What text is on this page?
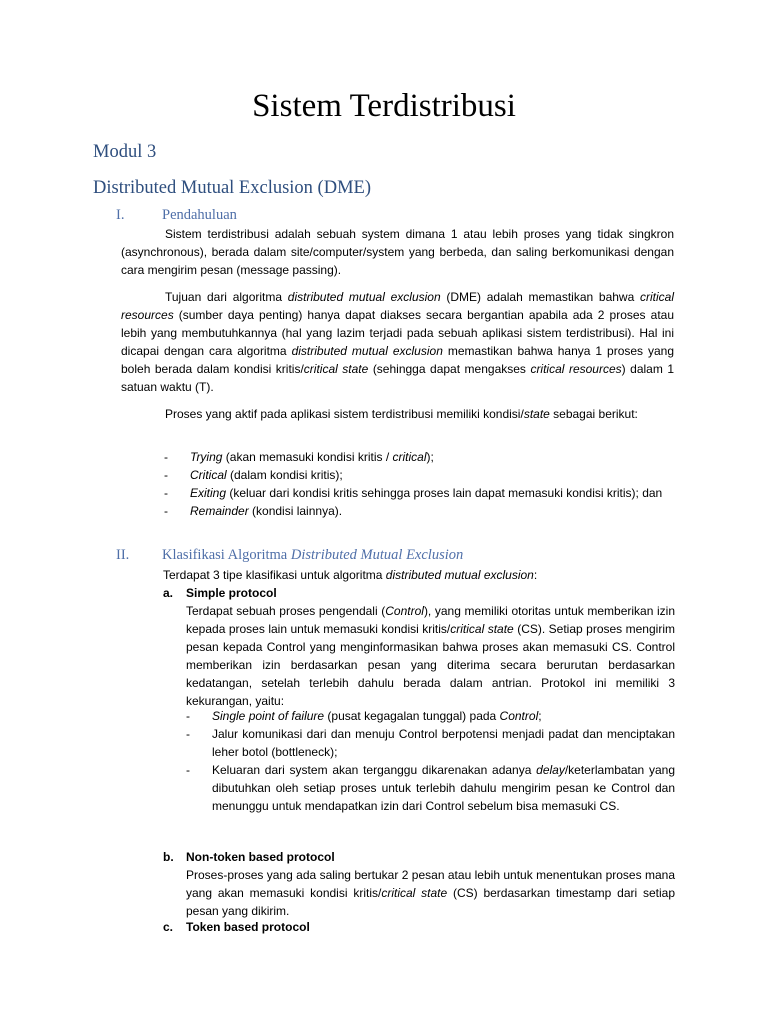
Sistem Terdistribusi
Modul 3
Distributed Mutual Exclusion (DME)
I.	Pendahuluan

Sistem terdistribusi adalah sebuah system dimana 1 atau lebih proses yang tidak singkron (asynchronous), berada dalam site/computer/system yang berbeda, dan saling berkomunikasi dengan cara mengirim pesan (message passing).

Tujuan dari algoritma distributed mutual exclusion (DME) adalah memastikan bahwa critical resources (sumber daya penting) hanya dapat diakses secara bergantian apabila ada 2 proses atau lebih yang membutuhkannya (hal yang lazim terjadi pada sebuah aplikasi sistem terdistribusi). Hal ini dicapai dengan cara algoritma distributed mutual exclusion memastikan bahwa hanya 1 proses yang boleh berada dalam kondisi kritis/critical state (sehingga dapat mengakses critical resources) dalam 1 satuan waktu (T).

Proses yang aktif pada aplikasi sistem terdistribusi memiliki kondisi/state sebagai berikut:

- Trying (akan memasuki kondisi kritis / critical);
- Critical (dalam kondisi kritis);
- Exiting (keluar dari kondisi kritis sehingga proses lain dapat memasuki kondisi kritis); dan
- Remainder (kondisi lainnya).
II. Klasifikasi Algoritma Distributed Mutual Exclusion

Terdapat 3 tipe klasifikasi untuk algoritma distributed mutual exclusion:

a. Simple protocol

Terdapat sebuah proses pengendali (Control), yang memiliki otoritas untuk memberikan izin kepada proses lain untuk memasuki kondisi kritis/critical state (CS). Setiap proses mengirim pesan kepada Control yang menginformasikan bahwa proses akan memasuki CS. Control memberikan izin berdasarkan pesan yang diterima secara berurutan berdasarkan kedatangan, setelah terlebih dahulu berada dalam antrian. Protokol ini memiliki 3 kekurangan, yaitu:

- Single point of failure (pusat kegagalan tunggal) pada Control;
- Jalur komunikasi dari dan menuju Control berpotensi menjadi padat dan menciptakan leher botol (bottleneck);
- Keluaran dari system akan terganggu dikarenakan adanya delay/keterlambatan yang dibutuhkan oleh setiap proses untuk terlebih dahulu mengirim pesan ke Control dan menunggu untuk mendapatkan izin dari Control sebelum bisa memasuki CS.
b. Non-token based protocol

Proses-proses yang ada saling bertukar 2 pesan atau lebih untuk menentukan proses mana yang akan memasuki kondisi kritis/critical state (CS) berdasarkan timestamp dari setiap pesan yang dikirim.

c. Token based protocol
